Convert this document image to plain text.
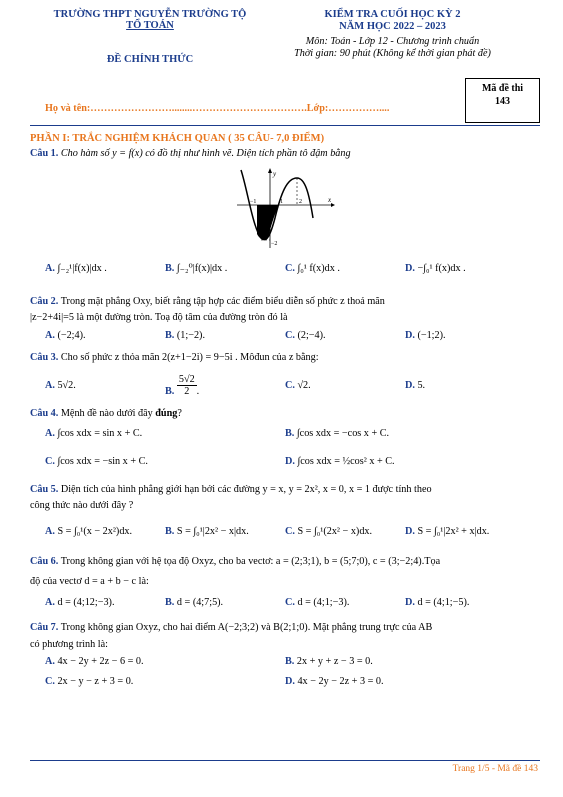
TRƯỜNG THPT NGUYỄN TRƯỜNG TỘ
TỔ TOÁN
ĐỀ CHÍNH THỨC
KIỂM TRA CUỐI HỌC KỲ 2
NĂM HỌC 2022 – 2023
Môn: Toán - Lớp 12 - Chương trình chuẩn
Thời gian: 90 phút (Không kể thời gian phát đề)
Mã đề thi
143
Họ và tên:……………………........…………………………….Lớp:……………....
PHẦN I: TRẮC NGHIỆM KHÁCH QUAN ( 35 CÂU- 7,0 ĐIỂM)
Câu 1. Cho hàm số y = f(x) có đồ thị như hình vẽ. Diện tích phần tô đậm bằng
y
x
O
1	2
−1
−2
A. ∫₋₂¹|f(x)|dx .	B. ∫₋₂⁰|f(x)|dx .	C. ∫₀¹ f(x)dx .	D. −∫₀¹ f(x)dx .
Câu 2. Trong mặt phẳng Oxy, biết rằng tập hợp các điểm biểu diễn số phức z thoả mãn
|z−2+4i|=5 là một đường tròn. Toạ độ tâm của đường tròn đó là
A. (−2;4).	B. (1;−2).	C. (2;−4).	D. (−1;2).
Câu 3. Cho số phức z thỏa mãn 2(z+1−2i) = 9−5i . Môđun của z bằng:
A. 5√2.
B. $\frac{5√2}{2}$ .
C. √2.	D. 5.
Câu 4. Mệnh đề nào dưới đây đúng?
A. ∫cos xdx = sin x + C.	B. ∫cos xdx = −cos x + C.
C. ∫cos xdx = −sin x + C.	D. ∫cos xdx = ½cos² x + C.
Câu 5. Diện tích của hình phẳng giới hạn bởi các đường y = x, y = 2x², x = 0, x = 1 được tính theo
công thức nào dưới đây ?
A. S = ∫₀¹(x − 2x²)dx.	B. S = ∫₀¹|2x² − x|dx.	C. S = ∫₀¹(2x² − x)dx.	D. S = ∫₀¹|2x² + x|dx.
Câu 6. Trong không gian với hệ tọa độ Oxyz, cho ba vectơ: a = (2;3;1), b = (5;7;0), c = (3;−2;4).Tọa
độ của vectơ d = a + b − c là:
A. d = (4;12;−3).	B. d = (4;7;5).	C. d = (4;1;−3).	D. d = (4;1;−5).
Câu 7. Trong không gian Oxyz, cho hai điểm A(−2;3;2) và B(2;1;0). Mặt phẳng trung trực của AB
có phương trình là:
A. 4x − 2y + 2z − 6 = 0.	B. 2x + y + z − 3 = 0.
C. 2x − y − z + 3 = 0.	D. 4x − 2y − 2z + 3 = 0.
Trang 1/5 - Mã đề 143
